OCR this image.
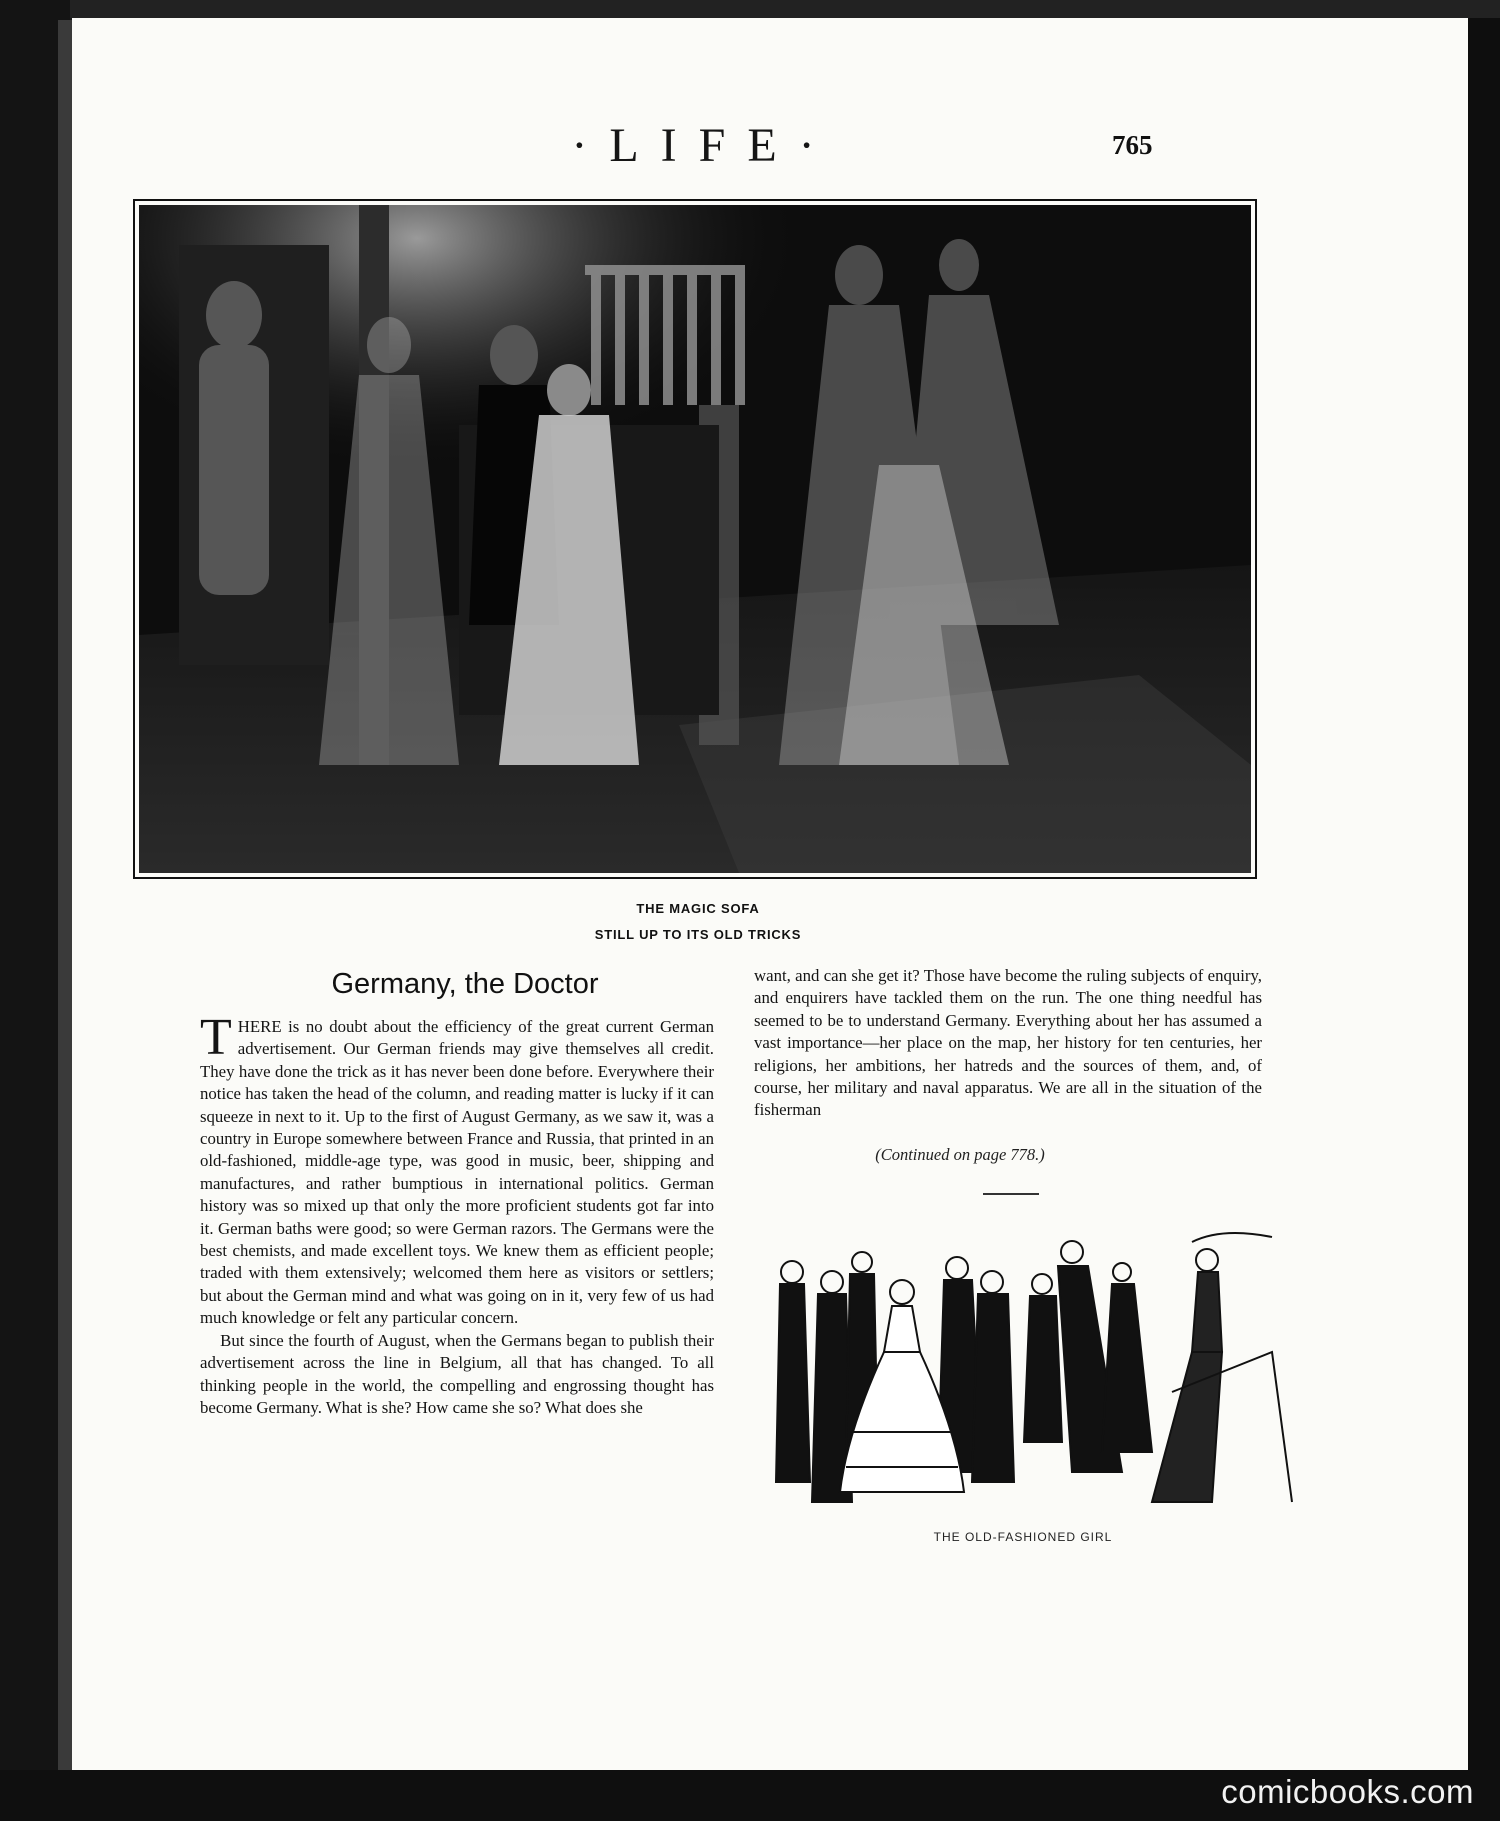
·LIFE·	765
THE MAGIC SOFA
STILL UP TO ITS OLD TRICKS
Germany, the Doctor

THERE is no doubt about the efficiency of the great current German advertisement. Our German friends may give themselves all credit. They have done the trick as it has never been done before. Everywhere their notice has taken the head of the column, and reading matter is lucky if it can squeeze in next to it. Up to the first of August Germany, as we saw it, was a country in Europe somewhere between France and Russia, that printed in an old-fashioned, middle-age type, was good in music, beer, shipping and manufactures, and rather bumptious in international politics. German history was so mixed up that only the more proficient students got far into it. German baths were good; so were German razors. The Germans were the best chemists, and made excellent toys. We knew them as efficient people; traded with them extensively; welcomed them here as visitors or settlers; but about the German mind and what was going on in it, very few of us had much knowledge or felt any particular concern.

But since the fourth of August, when the Germans began to publish their advertisement across the line in Belgium, all that has changed. To all thinking people in the world, the compelling and engrossing thought has become Germany. What is she? How came she so? What does she

want, and can she get it? Those have become the ruling subjects of enquiry, and enquirers have tackled them on the run. The one thing needful has seemed to be to understand Germany. Everything about her has assumed a vast importance—her place on the map, her history for ten centuries, her religions, her ambitions, her hatreds and the sources of them, and, of course, her military and naval apparatus. We are all in the situation of the fisherman

(Continued on page 778.)
THE OLD-FASHIONED GIRL
comicbooks.com
